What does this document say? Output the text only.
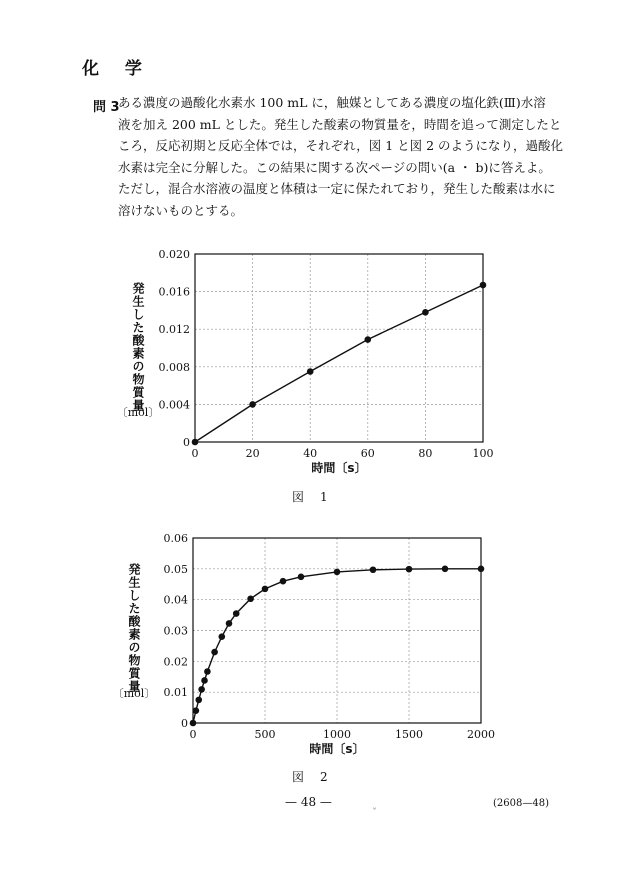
化 学
問 3
ある濃度の過酸化水素水 100 mL に，触媒としてある濃度の塩化鉄(Ⅲ)水溶
液を加え 200 mL とした。発生した酸素の物質量を，時間を追って測定したと
ころ，反応初期と反応全体では，それぞれ，図 1 と図 2 のようになり，過酸化
水素は完全に分解した。この結果に関する次ページの問い(a ・ b)に答えよ。
ただし，混合水溶液の温度と体積は一定に保たれており，発生した酸素は水に
溶けないものとする。
0	20	40	60	80	100
0
0.004
0.008
0.012
0.016
0.020
時間〔s〕
発生した酸素の物質量
〔mol〕
図　1
0	500	1000	1500	2000
0
0.01
0.02
0.03
0.04
0.05
0.06
時間〔s〕
発生した酸素の物質量
〔mol〕
図　2
— 48 —	(2608—48)
ˇ
